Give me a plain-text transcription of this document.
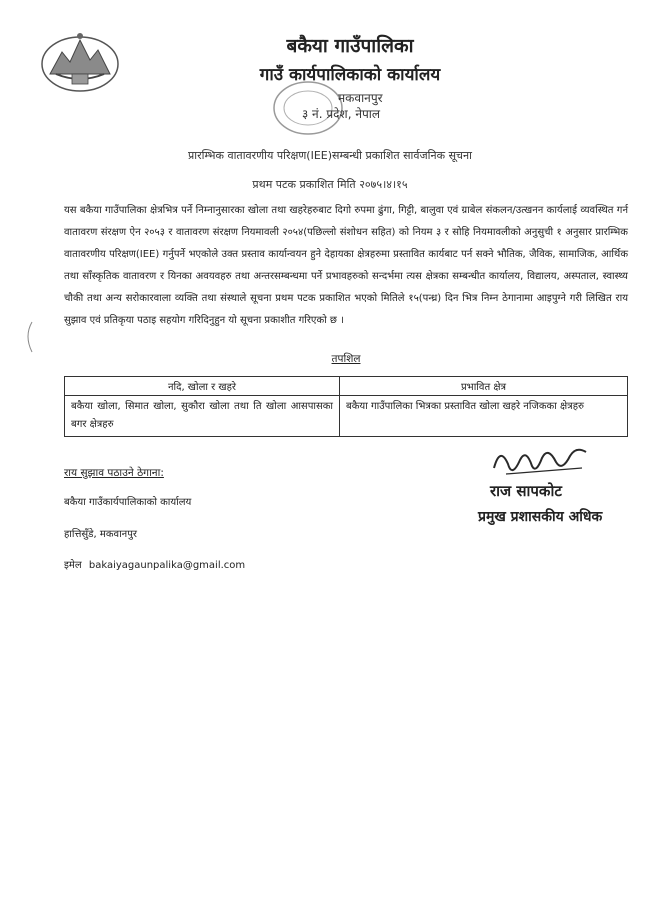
बकैया गाउँपालिका
गाउँ कार्यपालिकाको कार्यालय
मकवानपुर
३ नं. प्रदेश, नेपाल
प्रारम्भिक वातावरणीय परिक्षण(IEE)सम्बन्धी प्रकाशित सार्वजनिक सूचना
प्रथम पटक प्रकाशित मिति २०७५।४।१५
यस बकैया गाउँपालिका क्षेत्रभित्र पर्ने निम्नानुसारका खोला तथा खहरेहरुबाट दिगो रुपमा ढुंगा, गिट्टी, बालुवा एवं ग्राबेल संकलन/उत्खनन कार्यलाई व्यवस्थित गर्न वातावरण संरक्षण ऐन २०५३ र वातावरण संरक्षण नियमावली २०५४(पछिल्लो संशोधन सहित) को नियम ३ र सोहि नियमावलीको अनुसुची १ अनुसार प्रारम्भिक वातावरणीय परिक्षण(IEE) गर्नुपर्ने भएकोले उक्त प्रस्ताव कार्यान्वयन हुने देहायका क्षेत्रहरुमा प्रस्तावित कार्यबाट पर्न सक्ने भौतिक, जैविक, सामाजिक, आर्थिक तथा साँस्कृतिक वातावरण र यिनका अवयवहरु तथा अन्तरसम्बन्धमा पर्ने प्रभावहरुको सन्दर्भमा त्यस क्षेत्रका सम्बन्धीत कार्यालय, विद्यालय, अस्पताल, स्वास्थ्य चौकी तथा अन्य सरोकारवाला व्यक्ति तथा संस्थाले सूचना प्रथम पटक प्रकाशित भएको मितिले १५(पन्ध्र) दिन भित्र निम्न ठेगानामा आइपुग्ने गरी लिखित राय सुझाव एवं प्रतिकृया पठाइ सहयोग गरिदिनुहुन यो सूचना प्रकाशीत गरिएको छ ।
तपशिल
नदि, खोला र खहरे	प्रभावित क्षेत्र
बकैया खोला, सिमात खोला, सुकौरा खोला तथा ति खोला आसपासका बगर क्षेत्रहरु	बकैया गाउँपालिका भित्रका प्रस्तावित खोला खहरे नजिकका क्षेत्रहरु
राय सुझाव पठाउने ठेगाना:
बकैया गाउँकार्यपालिकाको कार्यालय
हात्तिसुँडे, मकवानपुर
इमेल bakaiyagaunpalika@gmail.com
राज सापकोट
प्रमुख प्रशासकीय अधिक
